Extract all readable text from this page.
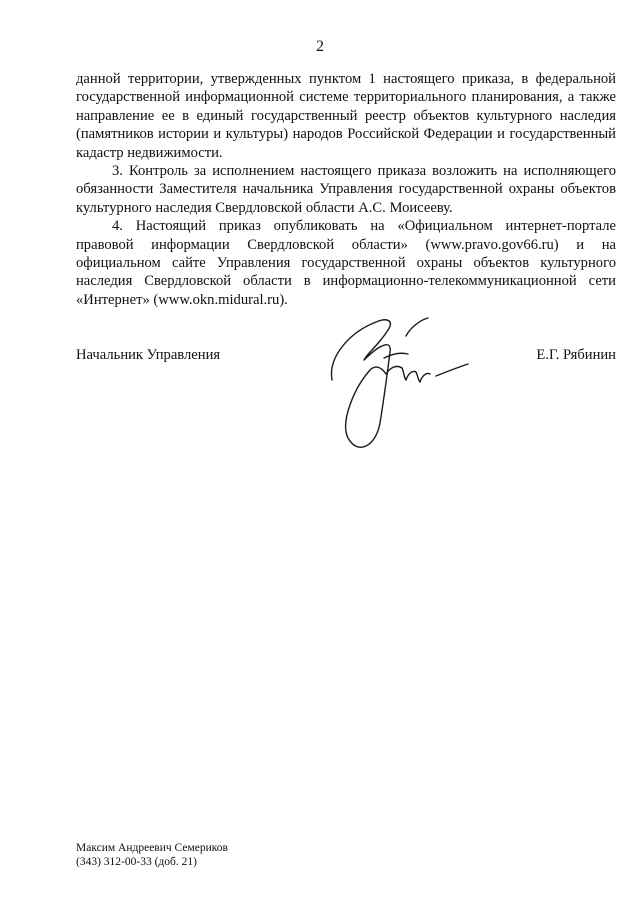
2

данной территории, утвержденных пунктом 1 настоящего приказа, в федеральной государственной информационной системе территориального планирования, а также направление ее в единый государственный реестр объектов культурного наследия (памятников истории и культуры) народов Российской Федерации и государственный кадастр недвижимости.

3. Контроль за исполнением настоящего приказа возложить на исполняющего обязанности Заместителя начальника Управления государственной охраны объектов культурного наследия Свердловской области А.С. Моисееву.

4. Настоящий приказ опубликовать на «Официальном интернет-портале правовой информации Свердловской области» (www.pravo.gov66.ru) и на официальном сайте Управления государственной охраны объектов культурного наследия Свердловской области в информационно-телекоммуникационной сети «Интернет» (www.okn.midural.ru).

Начальник Управления	Е.Г. Рябинин
Максим Андреевич Семериков
(343) 312-00-33 (доб. 21)
